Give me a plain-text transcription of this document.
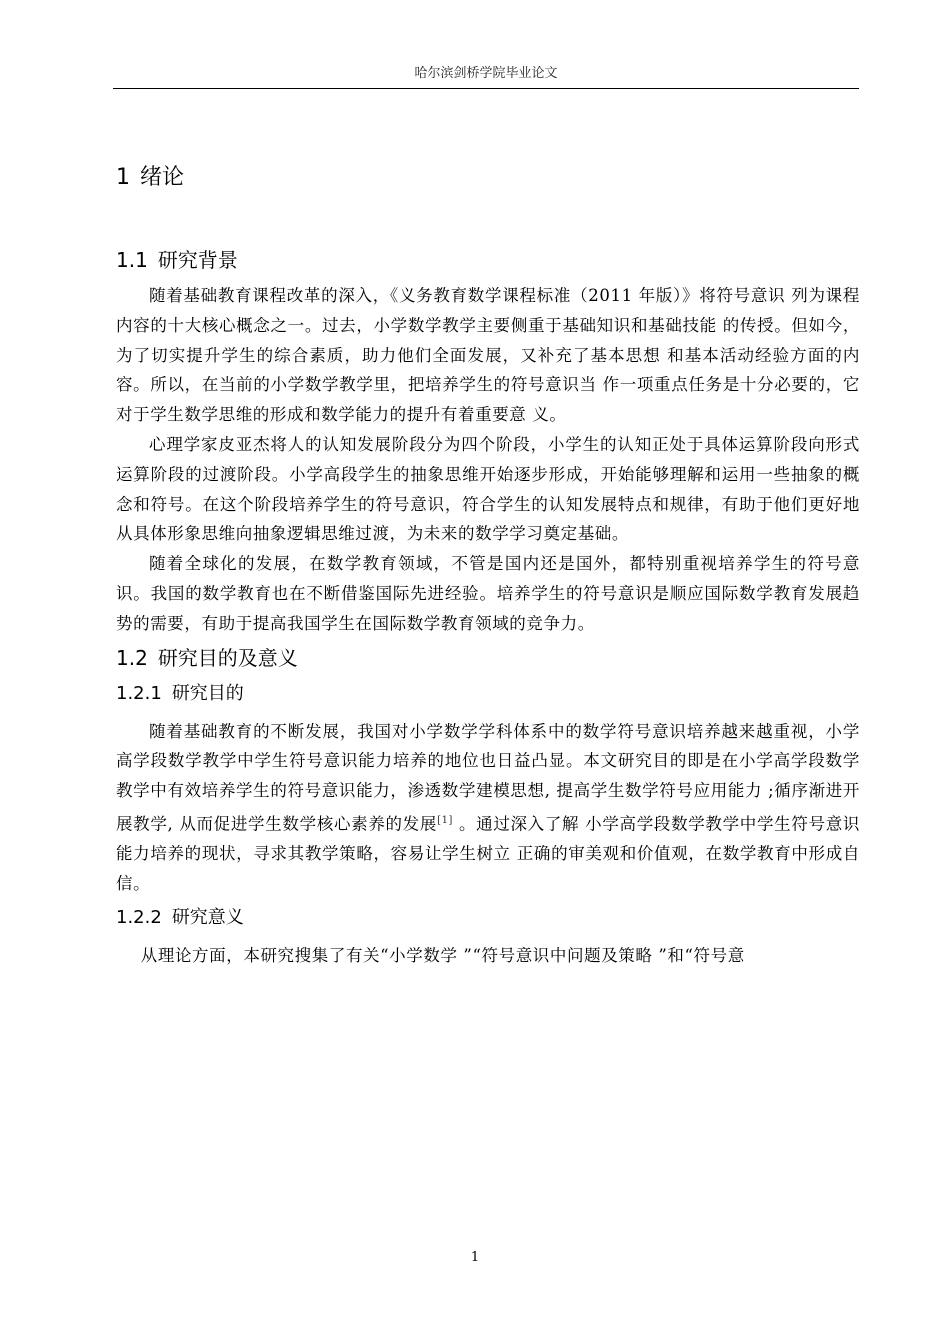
哈尔滨剑桥学院毕业论文
1 绪论
1.1 研究背景

随着基础教育课程改革的深入，《义务教育数学课程标准（2011 年版）》将符号意识 列为课程内容的十大核心概念之一。过去，小学数学教学主要侧重于基础知识和基础技能 的传授。但如今，为了切实提升学生的综合素质，助力他们全面发展，又补充了基本思想 和基本活动经验方面的内容。所以，在当前的小学数学教学里，把培养学生的符号意识当 作一项重点任务是十分必要的，它对于学生数学思维的形成和数学能力的提升有着重要意 义。

心理学家皮亚杰将人的认知发展阶段分为四个阶段，小学生的认知正处于具体运算阶段向形式运算阶段的过渡阶段。小学高段学生的抽象思维开始逐步形成，开始能够理解和运用一些抽象的概念和符号。在这个阶段培养学生的符号意识，符合学生的认知发展特点和规律，有助于他们更好地从具体形象思维向抽象逻辑思维过渡，为未来的数学学习奠定基础。

随着全球化的发展，在数学教育领域，不管是国内还是国外，都特别重视培养学生的符号意识。我国的数学教育也在不断借鉴国际先进经验。培养学生的符号意识是顺应国际数学教育发展趋势的需要，有助于提高我国学生在国际数学教育领域的竞争力。

1.2 研究目的及意义
1.2.1 研究目的

随着基础教育的不断发展，我国对小学数学学科体系中的数学符号意识培养越来越重视，小学高学段数学教学中学生符号意识能力培养的地位也日益凸显。本文研究目的即是在小学高学段数学教学中有效培养学生的符号意识能力，渗透数学建模思想, 提高学生数学符号应用能力 ;循序渐进开展教学, 从而促进学生数学核心素养的发展[1] 。通过深入了解 小学高学段数学教学中学生符号意识能力培养的现状，寻求其教学策略，容易让学生树立 正确的审美观和价值观，在数学教育中形成自信。

1.2.2 研究意义

从理论方面，本研究搜集了有关“小学数学 ”“符号意识中问题及策略 ”和“符号意

1
